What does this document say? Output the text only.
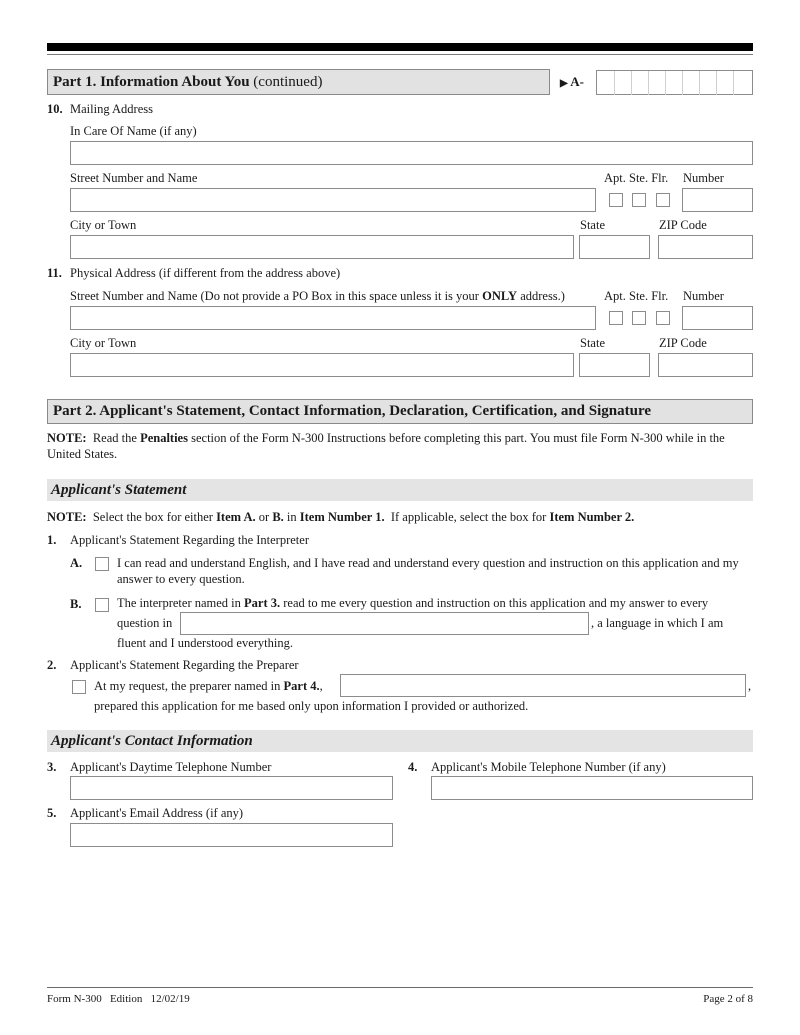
Part 1. Information About You (continued)	▶ A-
10. Mailing Address
In Care Of Name (if any)
Street Number and Name	Apt. Ste. Flr. Number
City or Town	State	ZIP Code
11. Physical Address (if different from the address above)
Street Number and Name (Do not provide a PO Box in this space unless it is your ONLY address.)	Apt. Ste. Flr. Number
City or Town	State	ZIP Code
Part 2. Applicant's Statement, Contact Information, Declaration, Certification, and Signature
NOTE:  Read the Penalties section of the Form N-300 Instructions before completing this part. You must file Form N-300 while in the United States.
Applicant's Statement
NOTE:  Select the box for either Item A. or B. in Item Number 1.  If applicable, select the box for Item Number 2.
1. Applicant's Statement Regarding the Interpreter
A.	I can read and understand English, and I have read and understand every question and instruction on this application and my answer to every question.
B.	The interpreter named in Part 3. read to me every question and instruction on this application and my answer to every
question in	, a language in which I am
fluent and I understood everything.
2. Applicant's Statement Regarding the Preparer
At my request, the preparer named in Part 4.,	,
prepared this application for me based only upon information I provided or authorized.
Applicant's Contact Information
3. Applicant's Daytime Telephone Number	4. Applicant's Mobile Telephone Number (if any)
5. Applicant's Email Address (if any)
Form N-300   Edition   12/02/19	Page 2 of 8
